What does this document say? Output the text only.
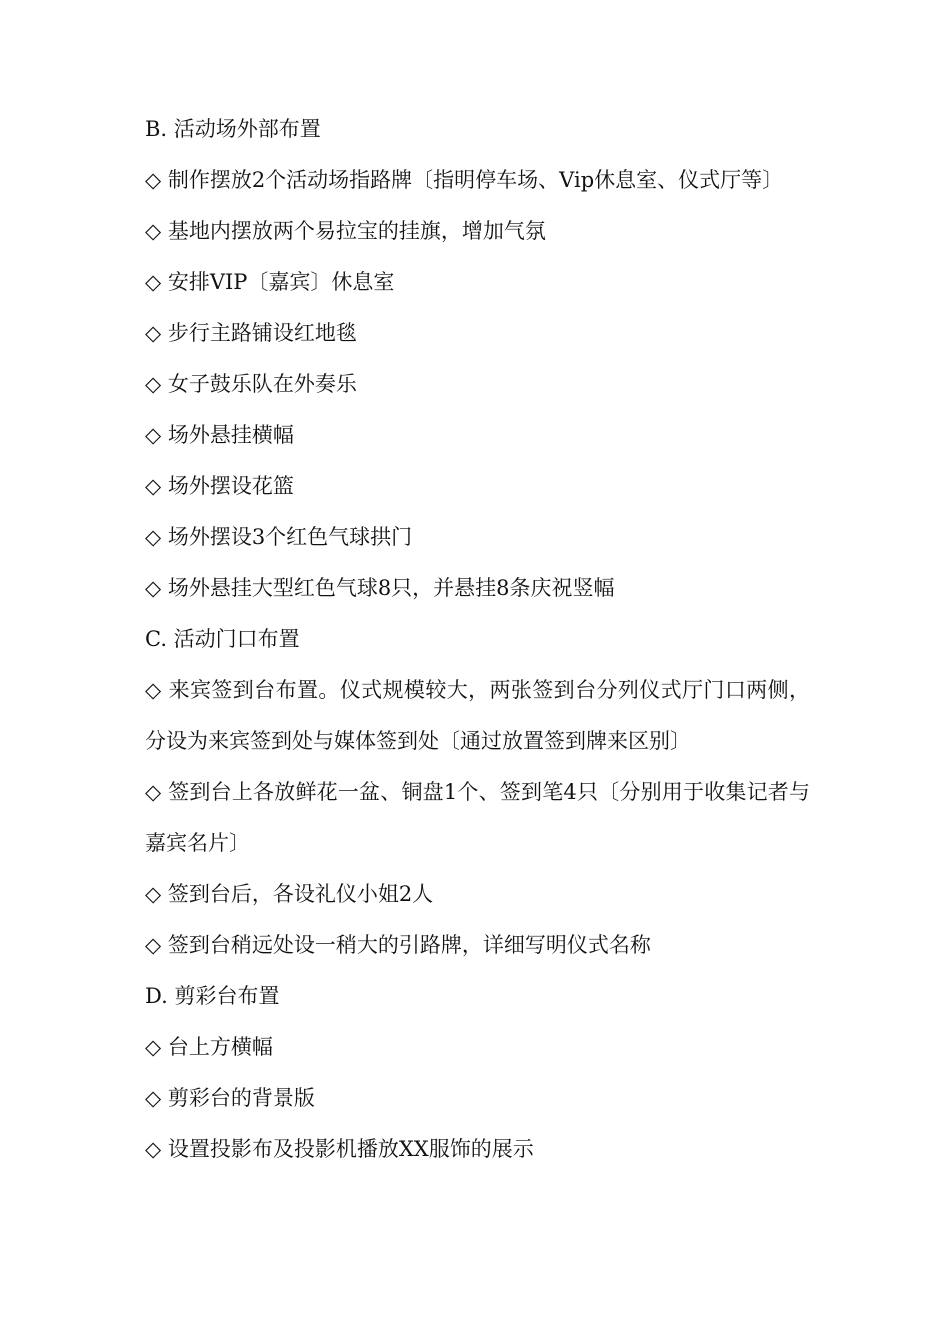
B. 活动场外部布置
◇ 制作摆放2个活动场指路牌〔指明停车场、Vip休息室、仪式厅等〕
◇ 基地内摆放两个易拉宝的挂旗，增加气氛
◇ 安排VIP〔嘉宾〕休息室
◇ 步行主路铺设红地毯
◇ 女子鼓乐队在外奏乐
◇ 场外悬挂横幅
◇ 场外摆设花篮
◇ 场外摆设3个红色气球拱门
◇ 场外悬挂大型红色气球8只，并悬挂8条庆祝竖幅
C. 活动门口布置
◇ 来宾签到台布置。仪式规模较大，两张签到台分列仪式厅门口两侧，分设为来宾签到处与媒体签到处〔通过放置签到牌来区别〕
◇ 签到台上各放鲜花一盆、铜盘1个、签到笔4只〔分别用于收集记者与嘉宾名片〕
◇ 签到台后，各设礼仪小姐2人
◇ 签到台稍远处设一稍大的引路牌，详细写明仪式名称
D. 剪彩台布置
◇ 台上方横幅
◇ 剪彩台的背景版
◇ 设置投影布及投影机播放XX服饰的展示
